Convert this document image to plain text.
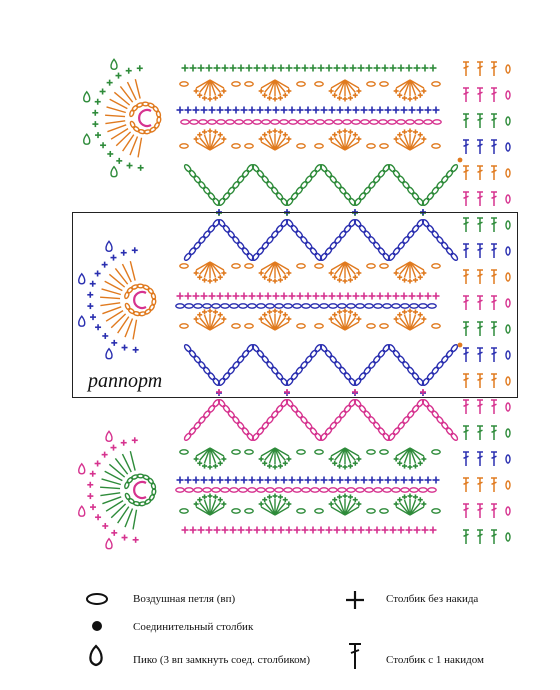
раппорт
Воздушная петля (вп)
Соединительный столбик
Пико (3 вп замкнуть соед. столбиком)
Столбик без накида
Столбик с 1 накидом
